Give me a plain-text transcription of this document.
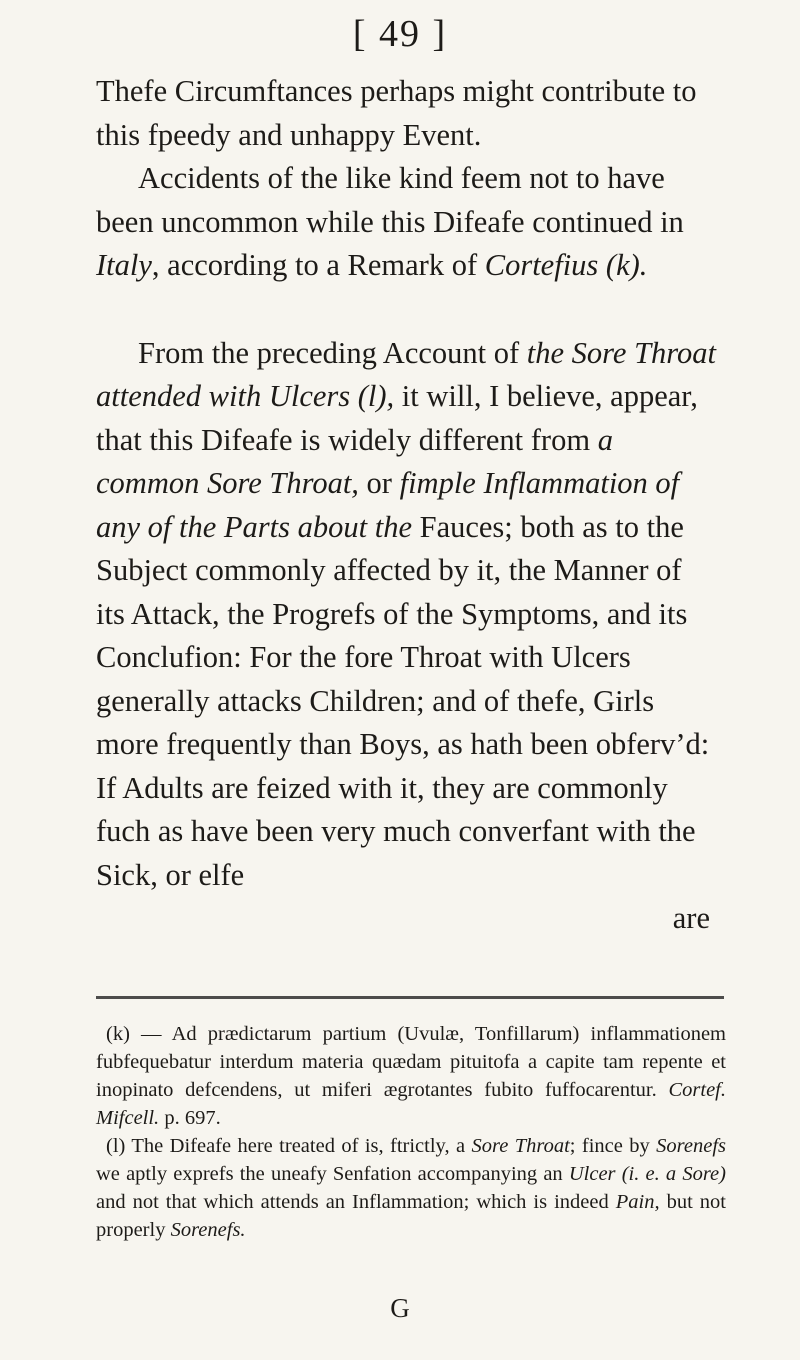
[ 49 ]

Thefe Circumftances perhaps might contribute to this fpeedy and unhappy Event.

Accidents of the like kind feem not to have been uncommon while this Difeafe continued in Italy, according to a Remark of Cortefius (k).

From the preceding Account of the Sore Throat attended with Ulcers (l), it will, I believe, appear, that this Difeafe is widely different from a common Sore Throat, or fimple Inflammation of any of the Parts about the Fauces; both as to the Subject commonly affected by it, the Manner of its Attack, the Progrefs of the Symptoms, and its Conclufion: For the fore Throat with Ulcers generally attacks Children; and of thefe, Girls more frequently than Boys, as hath been obferv’d: If Adults are feized with it, they are commonly fuch as have been very much converfant with the Sick, or elfe

are

(k) — Ad prædictarum partium (Uvulæ, Tonfillarum) inflammationem fubfequebatur interdum materia quædam pituitofa a capite tam repente et inopinato defcendens, ut miferi ægrotantes fubito fuffocarentur. Cortef. Mifcell. p. 697.

(l) The Difeafe here treated of is, ftrictly, a Sore Throat; fince by Sorenefs we aptly exprefs the uneafy Senfation accompanying an Ulcer (i. e. a Sore) and not that which attends an Inflammation; which is indeed Pain, but not properly Sorenefs.

G
